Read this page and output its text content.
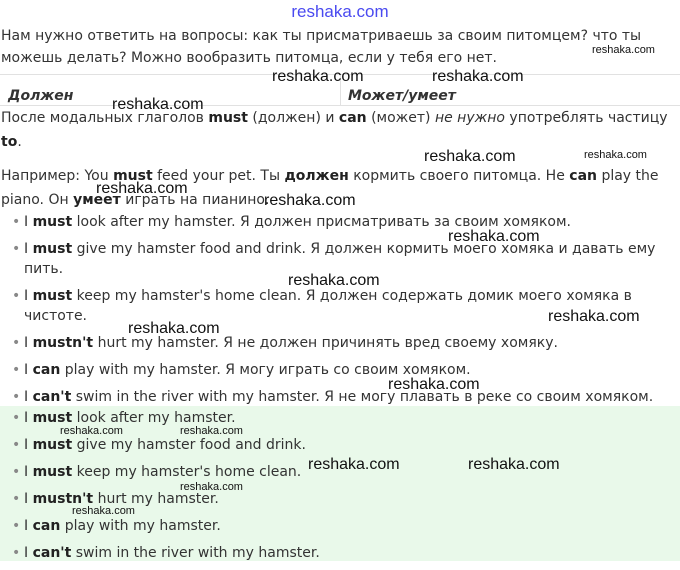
reshaka.com
Нам нужно ответить на вопросы: как ты присматриваешь за своим питомцем? что ты можешь делать? Можно вообразить питомца, если у тебя его нет.
Должен	Может/умеет
После модальных глаголов must (должен) и can (может) не нужно употреблять частицу to.
Например: You must feed your pet. Ты должен кормить своего питомца. He can play the piano. Он умеет играть на пианино.
• I must look after my hamster. Я должен присматривать за своим хомяком.
• I must give my hamster food and drink. Я должен кормить моего хомяка и давать ему пить.
• I must keep my hamster's home clean. Я должен содержать домик моего хомяка в чистоте.
• I mustn't hurt my hamster. Я не должен причинять вред своему хомяку.
• I can play with my hamster. Я могу играть со своим хомяком.
• I can't swim in the river with my hamster. Я не могу плавать в реке со своим хомяком.
• I must look after my hamster.
• I must give my hamster food and drink.
• I must keep my hamster's home clean.
• I mustn't hurt my hamster.
• I can play with my hamster.
• I can't swim in the river with my hamster.
reshaka.com
reshaka.com	reshaka.com
reshaka.com
reshaka.com	reshaka.com
reshaka.com
reshaka.com
reshaka.com
reshaka.com
reshaka.com
reshaka.com
reshaka.com
reshaka.com	reshaka.com
reshaka.com	reshaka.com
reshaka.com
reshaka.com
